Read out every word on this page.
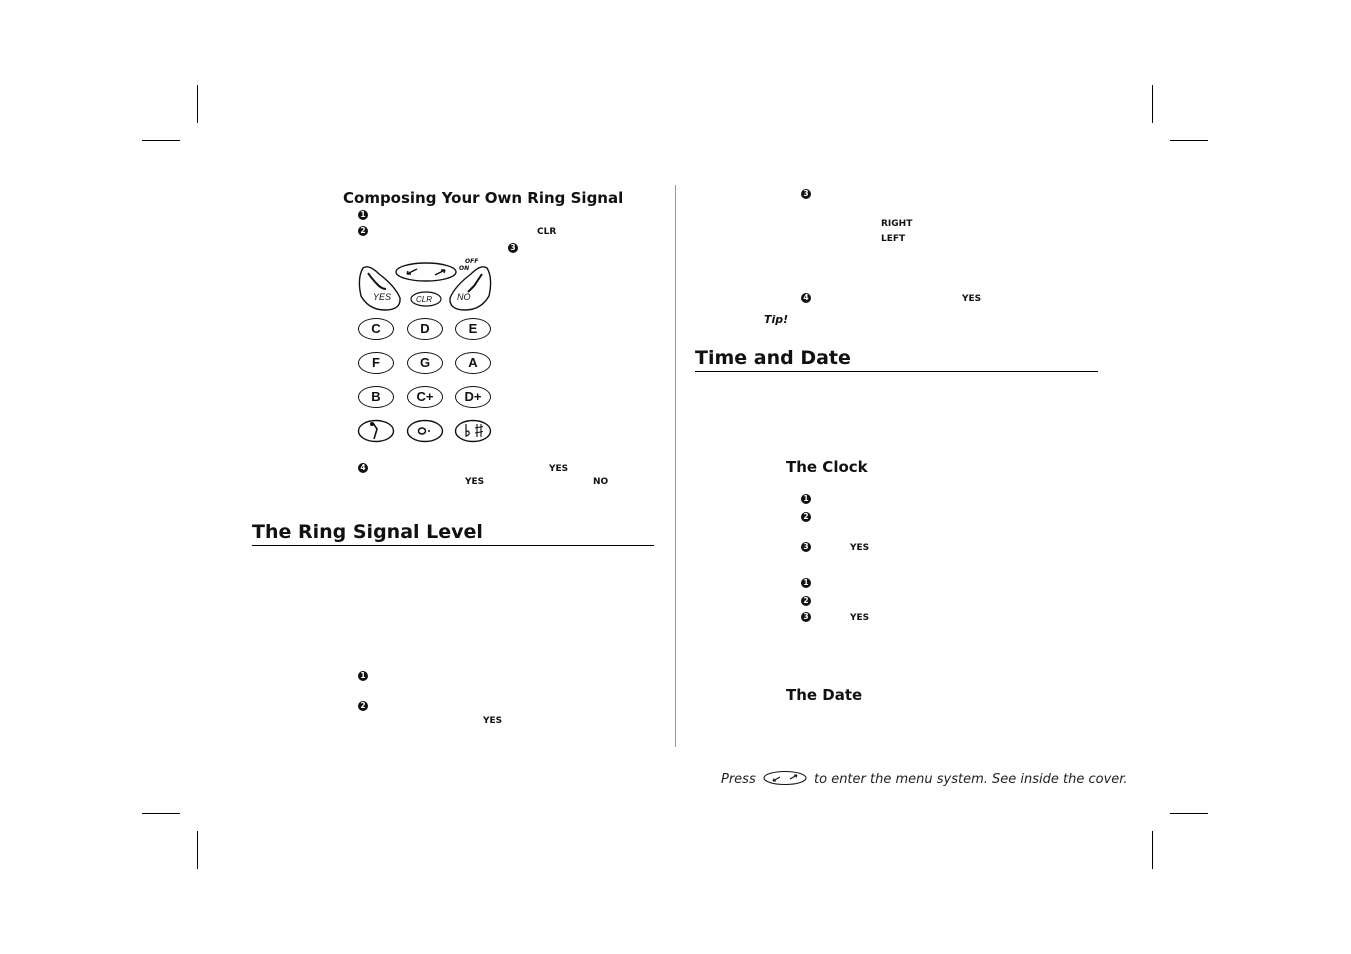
Composing Your Own Ring Signal
1
2	CLR
3
YES	CLR	NO
OFF
ON
C	D	E
F	G	A
B	C+	D+
4	YES
YES	NO
The Ring Signal Level
1
2
YES
3
RIGHT
LEFT
4	YES
Tip!
Time and Date
The Clock
1
2
3	YES
1
2
3	YES
The Date
Press	to enter the menu system. See inside the cover.
